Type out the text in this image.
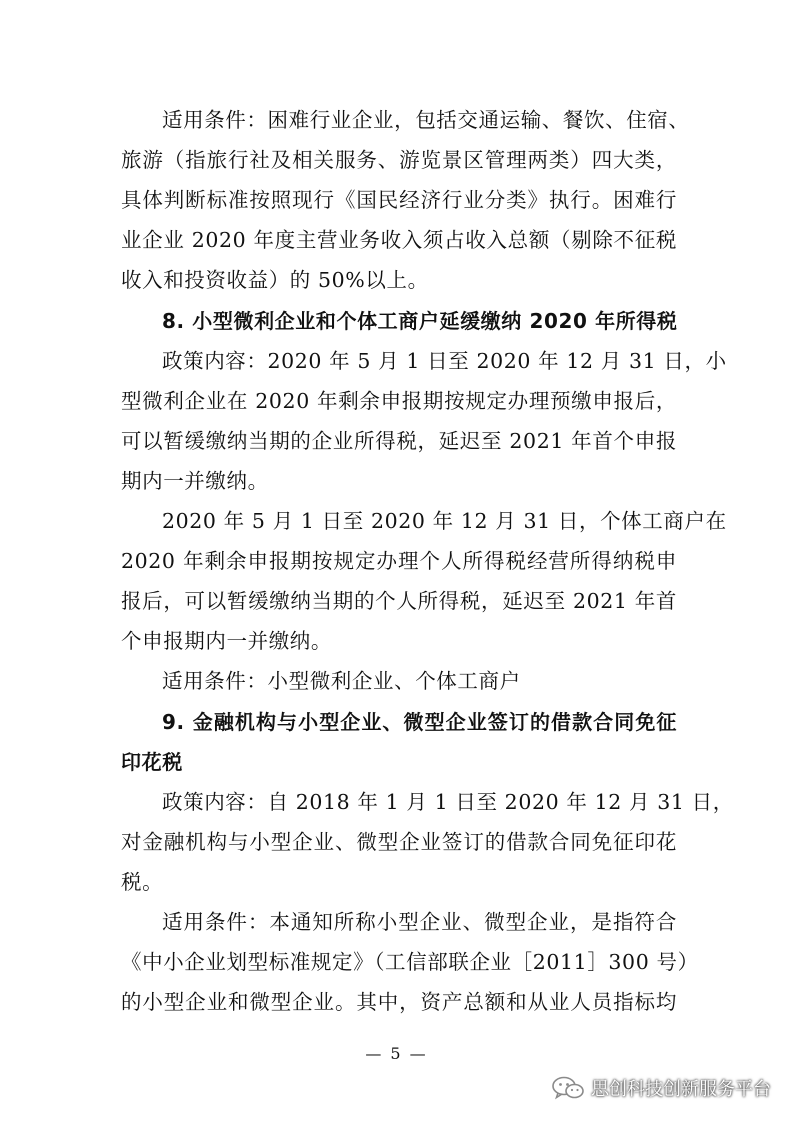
适用条件：困难行业企业，包括交通运输、餐饮、住宿、
旅游（指旅行社及相关服务、游览景区管理两类）四大类，
具体判断标准按照现行《国民经济行业分类》执行。困难行
业企业 2020 年度主营业务收入须占收入总额（剔除不征税
收入和投资收益）的 50%以上。
8. 小型微利企业和个体工商户延缓缴纳 2020 年所得税
政策内容：2020 年 5 月 1 日至 2020 年 12 月 31 日，小
型微利企业在 2020 年剩余申报期按规定办理预缴申报后，
可以暂缓缴纳当期的企业所得税，延迟至 2021 年首个申报
期内一并缴纳。
2020 年 5 月 1 日至 2020 年 12 月 31 日，个体工商户在
2020 年剩余申报期按规定办理个人所得税经营所得纳税申
报后，可以暂缓缴纳当期的个人所得税，延迟至 2021 年首
个申报期内一并缴纳。
适用条件：小型微利企业、个体工商户
9. 金融机构与小型企业、微型企业签订的借款合同免征
印花税
政策内容：自 2018 年 1 月 1 日至 2020 年 12 月 31 日，
对金融机构与小型企业、微型企业签订的借款合同免征印花
税。
适用条件：本通知所称小型企业、微型企业，是指符合
《中小企业划型标准规定》（工信部联企业［2011］300 号）
的小型企业和微型企业。其中，资产总额和从业人员指标均
— 5 —
思创科技创新服务平台
